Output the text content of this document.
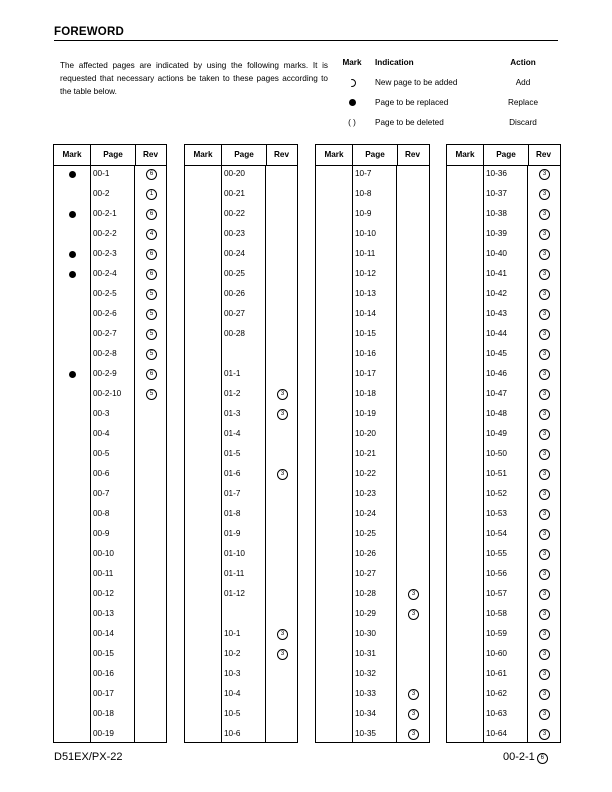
FOREWORD
The affected pages are indicated by using the following marks. It is requested that necessary actions be taken to these pages according to the table below.
Mark	Indication	Action
New page to be added	Add
Page to be replaced	Replace
( )	Page to be deleted	Discard
Mark	Page	Rev
00-1	6
00-2	1
00-2-1	6
00-2-2	4
00-2-3	6
00-2-4	6
00-2-5	5
00-2-6	5
00-2-7	5
00-2-8	5
00-2-9	6
00-2-10	5
00-3
00-4
00-5
00-6
00-7
00-8
00-9
00-10
00-11
00-12
00-13
00-14
00-15
00-16
00-17
00-18
00-19
Mark	Page	Rev
00-20
00-21
00-22
00-23
00-24
00-25
00-26
00-27
00-28
01-1
01-2	3
01-3	3
01-4
01-5
01-6	3
01-7
01-8
01-9
01-10
01-11
01-12
10-1	3
10-2	3
10-3
10-4
10-5
10-6
Mark	Page	Rev
10-7
10-8
10-9
10-10
10-11
10-12
10-13
10-14
10-15
10-16
10-17
10-18
10-19
10-20
10-21
10-22
10-23
10-24
10-25
10-26
10-27
10-28	3
10-29	3
10-30
10-31
10-32
10-33	3
10-34	3
10-35	3
Mark	Page	Rev
10-36	3
10-37	3
10-38	3
10-39	3
10-40	3
10-41	3
10-42	3
10-43	3
10-44	3
10-45	3
10-46	3
10-47	3
10-48	3
10-49	3
10-50	3
10-51	3
10-52	3
10-53	3
10-54	3
10-55	3
10-56	3
10-57	3
10-58	3
10-59	3
10-60	3
10-61	3
10-62	3
10-63	3
10-64	3
D51EX/PX-22	00-2-1 6
